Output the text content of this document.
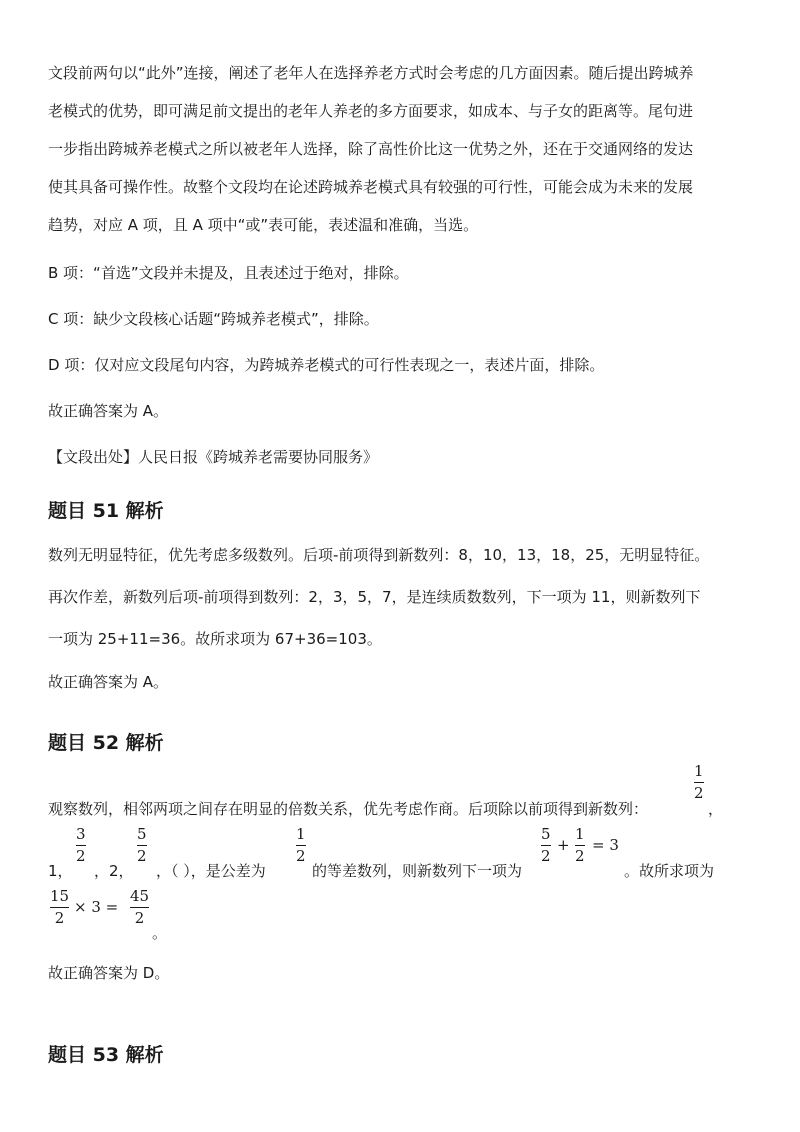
文段前两句以“此外”连接，阐述了老年人在选择养老方式时会考虑的几方面因素。随后提出跨城养
老模式的优势，即可满足前文提出的老年人养老的多方面要求，如成本、与子女的距离等。尾句进
一步指出跨城养老模式之所以被老年人选择，除了高性价比这一优势之外，还在于交通网络的发达
使其具备可操作性。故整个文段均在论述跨城养老模式具有较强的可行性，可能会成为未来的发展
趋势，对应 A 项，且 A 项中“或”表可能，表述温和准确，当选。
B 项：“首选”文段并未提及，且表述过于绝对，排除。
C 项：缺少文段核心话题“跨城养老模式”，排除。
D 项：仅对应文段尾句内容，为跨城养老模式的可行性表现之一，表述片面，排除。
故正确答案为 A。
【文段出处】人民日报《跨城养老需要协同服务》
题目 51 解析
数列无明显特征，优先考虑多级数列。后项-前项得到新数列：8，10，13，18，25，无明显特征。
再次作差，新数列后项-前项得到数列：2，3，5，7，是连续质数数列，下一项为 11，则新数列下
一项为 25+11=36。故所求项为 67+36=103。
故正确答案为 A。
题目 52 解析
观察数列，相邻两项之间存在明显的倍数关系，优先考虑作商。后项除以前项得到新数列：
1
2
，
1，
3
2
，2，
5
2
，（ ），是公差为
1
2
的等差数列，则新数列下一项为
5
2
+
1
2
= 3
。故所求项为
15
2
× 3 =
45
2
。
故正确答案为 D。
题目 53 解析
